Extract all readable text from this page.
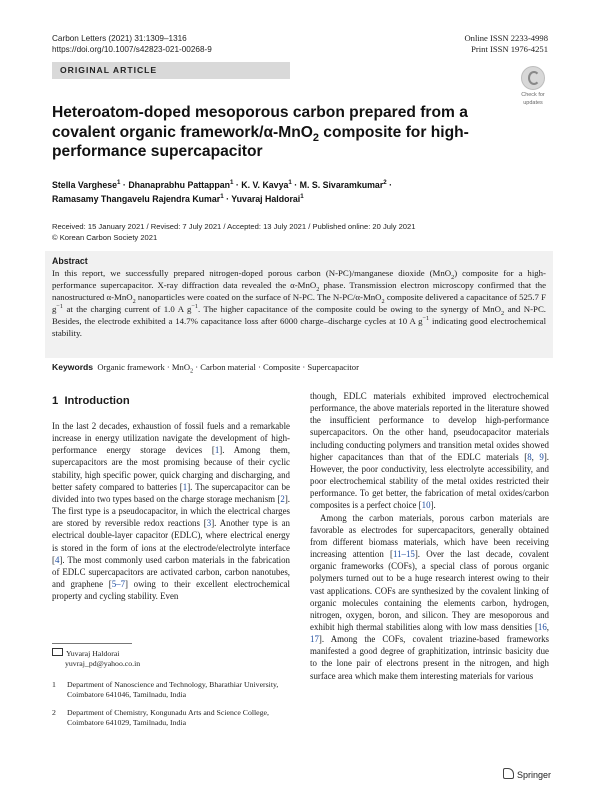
Carbon Letters (2021) 31:1309–1316
https://doi.org/10.1007/s42823-021-00268-9
Online ISSN 2233-4998
Print ISSN 1976-4251
ORIGINAL ARTICLE
Check for
updates
Heteroatom-doped mesoporous carbon prepared from a covalent organic framework/α-MnO$_2$ composite for high-performance supercapacitor
Stella Varghese$^1$ · Dhanaprabhu Pattappan$^1$ · K. V. Kavya$^1$ · M. S. Sivaramkumar$^2$ ·
Ramasamy Thangavelu Rajendra Kumar$^1$ · Yuvaraj Haldorai$^1$
Received: 15 January 2021 / Revised: 7 July 2021 / Accepted: 13 July 2021 / Published online: 20 July 2021
© Korean Carbon Society 2021
Abstract
In this report, we successfully prepared nitrogen-doped porous carbon (N-PC)/manganese dioxide (MnO$_2$) composite for a high-performance supercapacitor. X-ray diffraction data revealed the α-MnO$_2$ phase. Transmission electron microscopy confirmed that the nanostructured α-MnO$_2$ nanoparticles were coated on the surface of N-PC. The N-PC/α-MnO$_2$ composite delivered a capacitance of 525.7 F $g^{-1}$ at the charging current of 1.0 A $g^{-1}$. The higher capacitance of the composite could be owing to the synergy of MnO$_2$ and N-PC. Besides, the electrode exhibited a 14.7% capacitance loss after 6000 charge–discharge cycles at 10 A $g^{-1}$ indicating good electrochemical stability.
Keywords Organic framework · MnO$_2$ · Carbon material · Composite · Supercapacitor
1 Introduction

In the last 2 decades, exhaustion of fossil fuels and a remarkable increase in energy utilization navigate the development of high-performance energy storage devices [1]. Among them, supercapacitors are the most promising because of their cyclic stability, high specific power, quick charging and discharging, and better safety compared to batteries [1]. The supercapacitor can be divided into two types based on the charge storage mechanism [2]. The first type is a pseudocapacitor, in which the electrical charges are stored by reversible redox reactions [3]. Another type is an electrical double-layer capacitor (EDLC), where electrical energy is stored in the form of ions at the electrode/electrolyte interface [4]. The most commonly used carbon materials in the fabrication of EDLC supercapacitors are activated carbon, carbon nanotubes, and graphene [5–7] owing to their excellent electrochemical property and cycling stability. Even

though, EDLC materials exhibited improved electrochemical performance, the above materials reported in the literature showed the insufficient performance to develop high-performance supercapacitors. On the other hand, pseudocapacitor materials including conducting polymers and transition metal oxides showed higher capacitances than that of the EDLC materials [8, 9]. However, the poor conductivity, less electrolyte accessibility, and poor electrochemical stability of the metal oxides restricted their performance. To get better, the fabrication of metal oxides/carbon composites is a perfect choice [10].

Among the carbon materials, porous carbon materials are favorable as electrodes for supercapacitors, generally obtained from different biomass materials, which have been receiving increasing attention [11–15]. Over the last decade, covalent organic frameworks (COFs), a special class of porous organic polymers turned out to be a huge research interest owing to their vast applications. COFs are synthesized by the covalent linking of organic molecules containing the elements carbon, hydrogen, nitrogen, oxygen, boron, and silicon. They are mesoporous and exhibit high thermal stabilities along with low mass densities [16, 17]. Among the COFs, covalent triazine-based frameworks manifested a good degree of graphitization, intrinsic basicity due to the lone pair of electrons present in the nitrogen, and high surface area which make them interesting materials for various

Yuvaraj Haldorai
yuvraj_pd@yahoo.co.in
1	Department of Nanoscience and Technology, Bharathiar University, Coimbatore 641046, Tamilnadu, India
2	Department of Chemistry, Kongunadu Arts and Science College, Coimbatore 641029, Tamilnadu, India
Springer
